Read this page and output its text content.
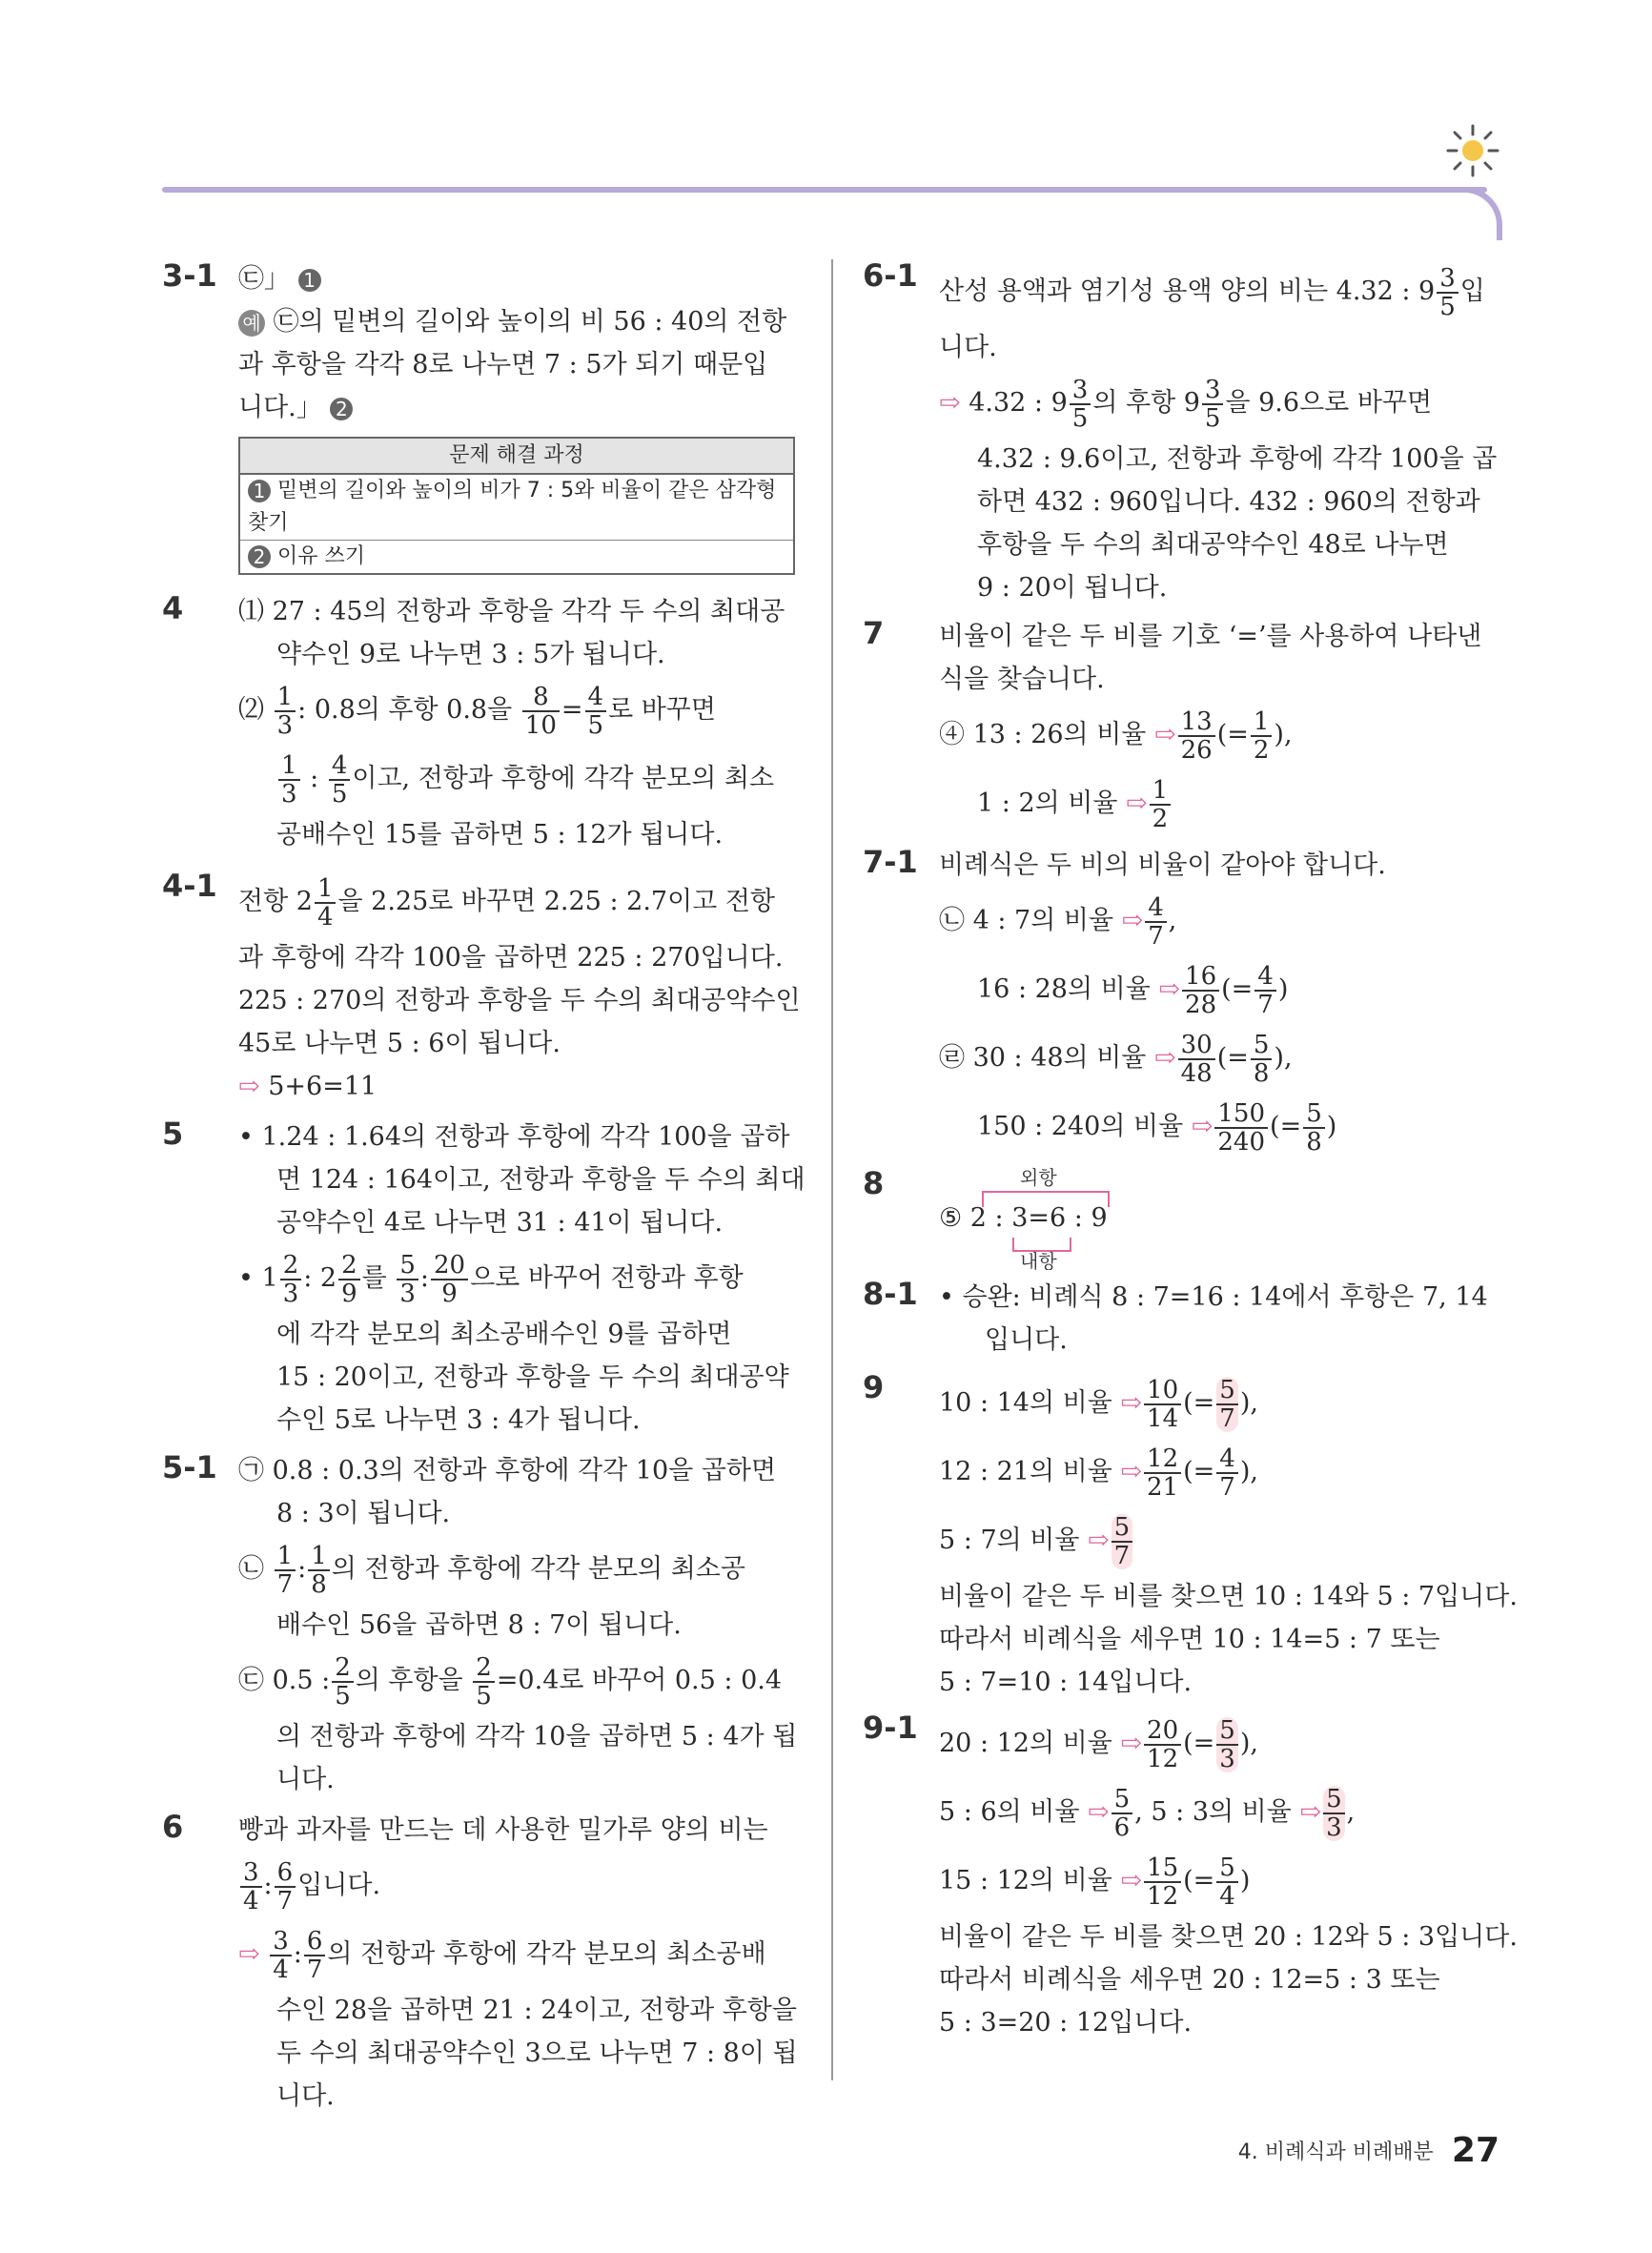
3-1 ㉢」 1
예 ㉢의 밑변의 길이와 높이의 비 56 : 40의 전항
과 후항을 각각 8로 나누면 7 : 5가 되기 때문입
니다.」 2
문제 해결 과정
1 밑변의 길이와 높이의 비가 7 : 5와 비율이 같은 삼각형 찾기
2 이유 쓰기
4 ⑴ 27 : 45의 전항과 후항을 각각 두 수의 최대공
약수인 9로 나누면 3 : 5가 됩니다.
⑵ $\frac{1}{3}$ : 0.8의 후항 0.8을 $\frac{8}{10} = \frac{4}{5}$ 로 바꾸면
$\frac{1}{3}$ : $\frac{4}{5}$ 이고, 전항과 후항에 각각 분모의 최소
공배수인 15를 곱하면 5 : 12가 됩니다.
4-1 전항 $2 \frac{1}{4}$ 을 2.25로 바꾸면 2.25 : 2.7이고 전항
과 후항에 각각 100을 곱하면 225 : 270입니다.
225 : 270의 전항과 후항을 두 수의 최대공약수인
45로 나누면 5 : 6이 됩니다.
⇨ 5+6=11
5 • 1.24 : 1.64의 전항과 후항에 각각 100을 곱하
면 124 : 164이고, 전항과 후항을 두 수의 최대
공약수인 4로 나누면 31 : 41이 됩니다.
• $1 \frac{2}{3}$ : $2 \frac{2}{9}$ 를 $\frac{5}{3}$ : $\frac{20}{9}$ 으로 바꾸어 전항과 후항
에 각각 분모의 최소공배수인 9를 곱하면
15 : 20이고, 전항과 후항을 두 수의 최대공약
수인 5로 나누면 3 : 4가 됩니다.
5-1 ㉠ 0.8 : 0.3의 전항과 후항에 각각 10을 곱하면
8 : 3이 됩니다.
㉡ $\frac{1}{7}$ : $\frac{1}{8}$ 의 전항과 후항에 각각 분모의 최소공
배수인 56을 곱하면 8 : 7이 됩니다.
㉢ 0.5 : $\frac{2}{5}$ 의 후항을 $\frac{2}{5} =0.4$로 바꾸어 0.5 : 0.4
의 전항과 후항에 각각 10을 곱하면 5 : 4가 됩
니다.
6 빵과 과자를 만드는 데 사용한 밀가루 양의 비는
$\frac{3}{4}$ : $\frac{6}{7}$ 입니다.
⇨ $\frac{3}{4}$ : $\frac{6}{7}$ 의 전항과 후항에 각각 분모의 최소공배
수인 28을 곱하면 21 : 24이고, 전항과 후항을
두 수의 최대공약수인 3으로 나누면 7 : 8이 됩
니다.
6-1 산성 용액과 염기성 용액 양의 비는 4.32 : $9 \frac{3}{5}$ 입
니다.
⇨ 4.32 : $9 \frac{3}{5}$ 의 후항 $9 \frac{3}{5}$ 을 9.6으로 바꾸면
4.32 : 9.6이고, 전항과 후항에 각각 100을 곱
하면 432 : 960입니다. 432 : 960의 전항과
후항을 두 수의 최대공약수인 48로 나누면
9 : 20이 됩니다.
7 비율이 같은 두 비를 기호 ‘=’를 사용하여 나타낸
식을 찾습니다.
④ 13 : 26의 비율 ⇨ $\frac{13}{26}$ (= $\frac{1}{2}$ ),
1 : 2의 비율 ⇨ $\frac{1}{2}$
7-1 비례식은 두 비의 비율이 같아야 합니다.
㉡ 4 : 7의 비율 ⇨ $\frac{4}{7}$ ,
16 : 28의 비율 ⇨ $\frac{16}{28}$ (= $\frac{4}{7}$ )
㉣ 30 : 48의 비율 ⇨ $\frac{30}{48}$ (= $\frac{5}{8}$ ),
150 : 240의 비율 ⇨ $\frac{150}{240}$ (= $\frac{5}{8}$ )
8	외항
내항
⑤ 2 : 3=6 : 9
8-1 • 승완: 비례식 8 : 7=16 : 14에서 후항은 7, 14
입니다.
9 10 : 14의 비율 ⇨ $\frac{10}{14}$ (= $\frac{5}{7}$ ),
12 : 21의 비율 ⇨ $\frac{12}{21}$ (= $\frac{4}{7}$ ),
5 : 7의 비율 ⇨ $\frac{5}{7}$
비율이 같은 두 비를 찾으면 10 : 14와 5 : 7입니다.
따라서 비례식을 세우면 10 : 14=5 : 7 또는
5 : 7=10 : 14입니다.
9-1 20 : 12의 비율 ⇨ $\frac{20}{12}$ (= $\frac{5}{3}$ ),
5 : 6의 비율 ⇨ $\frac{5}{6}$ , 5 : 3의 비율 ⇨ $\frac{5}{3}$ ,
15 : 12의 비율 ⇨ $\frac{15}{12}$ (= $\frac{5}{4}$ )
비율이 같은 두 비를 찾으면 20 : 12와 5 : 3입니다.
따라서 비례식을 세우면 20 : 12=5 : 3 또는
5 : 3=20 : 12입니다.
4. 비례식과 비례배분 27
